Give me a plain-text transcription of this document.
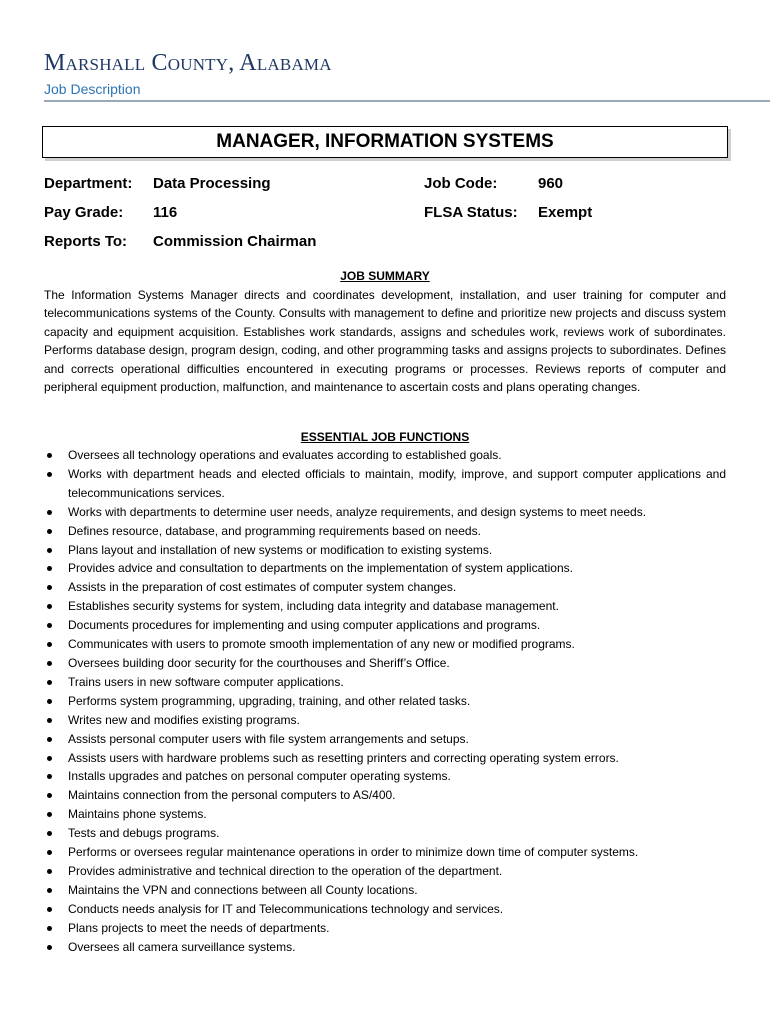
Marshall County, Alabama
Job Description
MANAGER, INFORMATION SYSTEMS
Department: Data Processing	Job Code:	960
Pay Grade: 116	FLSA Status: Exempt
Reports To: Commission Chairman
JOB SUMMARY

The Information Systems Manager directs and coordinates development, installation, and user training for computer and telecommunications systems of the County. Consults with management to define and prioritize new projects and discuss system capacity and equipment acquisition. Establishes work standards, assigns and schedules work, reviews work of subordinates. Performs database design, program design, coding, and other programming tasks and assigns projects to subordinates. Defines and corrects operational difficulties encountered in executing programs or processes. Reviews reports of computer and peripheral equipment production, malfunction, and maintenance to ascertain costs and plans operating changes.

ESSENTIAL JOB FUNCTIONS
Oversees all technology operations and evaluates according to established goals.
Works with department heads and elected officials to maintain, modify, improve, and support computer applications and telecommunications services.
Works with departments to determine user needs, analyze requirements, and design systems to meet needs.
Defines resource, database, and programming requirements based on needs.
Plans layout and installation of new systems or modification to existing systems.
Provides advice and consultation to departments on the implementation of system applications.
Assists in the preparation of cost estimates of computer system changes.
Establishes security systems for system, including data integrity and database management.
Documents procedures for implementing and using computer applications and programs.
Communicates with users to promote smooth implementation of any new or modified programs.
Oversees building door security for the courthouses and Sheriff’s Office.
Trains users in new software computer applications.
Performs system programming, upgrading, training, and other related tasks.
Writes new and modifies existing programs.
Assists personal computer users with file system arrangements and setups.
Assists users with hardware problems such as resetting printers and correcting operating system errors.
Installs upgrades and patches on personal computer operating systems.
Maintains connection from the personal computers to AS/400.
Maintains phone systems.
Tests and debugs programs.
Performs or oversees regular maintenance operations in order to minimize down time of computer systems.
Provides administrative and technical direction to the operation of the department.
Maintains the VPN and connections between all County locations.
Conducts needs analysis for IT and Telecommunications technology and services.
Plans projects to meet the needs of departments.
Oversees all camera surveillance systems.
